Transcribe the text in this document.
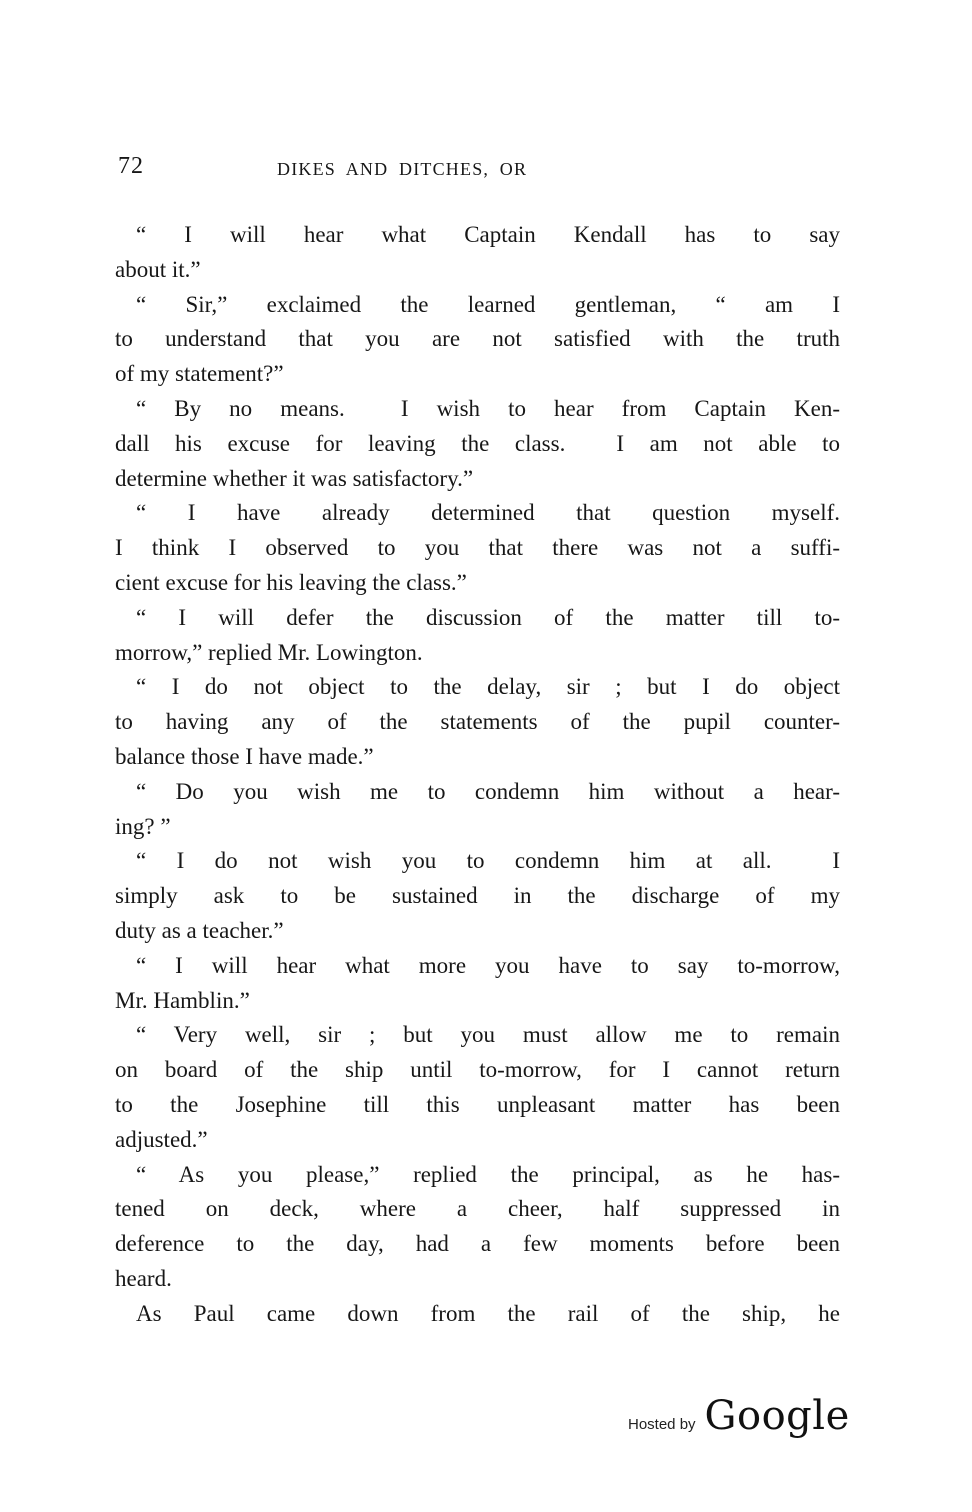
72	DIKES AND DITCHES, OR
“ I will hear what Captain Kendall has to say
about it.”
“ Sir,” exclaimed the learned gentleman, “ am I
to understand that you are not satisfied with the truth
of my statement?”
“ By no means.  I wish to hear from Captain Ken-
dall his excuse for leaving the class.  I am not able to
determine whether it was satisfactory.”
“ I have already determined that question myself.
I think I observed to you that there was not a suffi-
cient excuse for his leaving the class.”
“ I will defer the discussion of the matter till to-
morrow,” replied Mr. Lowington.
“ I do not object to the delay, sir ; but I do object
to having any of the statements of the pupil counter-
balance those I have made.”
“ Do you wish me to condemn him without a hear-
ing? ”
“ I do not wish you to condemn him at all.  I
simply ask to be sustained in the discharge of my
duty as a teacher.”
“ I will hear what more you have to say to-morrow,
Mr. Hamblin.”
“ Very well, sir ; but you must allow me to remain
on board of the ship until to-morrow, for I cannot return
to the Josephine till this unpleasant matter has been
adjusted.”
“ As you please,” replied the principal, as he has-
tened on deck, where a cheer, half suppressed in
deference to the day, had a few moments before been
heard.
As Paul came down from the rail of the ship, he
Hosted by Google
